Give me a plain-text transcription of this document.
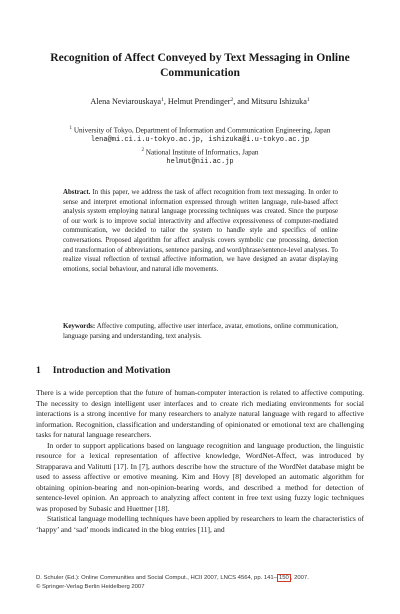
Recognition of Affect Conveyed by Text Messaging in Online Communication
Alena Neviarouskaya$^1$, Helmut Prendinger$^2$, and Mitsuru Ishizuka$^1$
$^1$ University of Tokyo, Department of Information and Communication Engineering, Japan
lena@mi.ci.i.u-tokyo.ac.jp, ishizuka@i.u-tokyo.ac.jp
$^2$ National Institute of Informatics, Japan
helmut@nii.ac.jp
Abstract. In this paper, we address the task of affect recognition from text messaging. In order to sense and interpret emotional information expressed through written language, rule-based affect analysis system employing natural language processing techniques was created. Since the purpose of our work is to improve social interactivity and affective expressiveness of computer-mediated communication, we decided to tailor the system to handle style and specifics of online conversations. Proposed algorithm for affect analysis covers symbolic cue processing, detection and transformation of abbreviations, sentence parsing, and word/phrase/sentence-level analyses. To realize visual reflection of textual affective information, we have designed an avatar displaying emotions, social behaviour, and natural idle movements.
Keywords: Affective computing, affective user interface, avatar, emotions, online communication, language parsing and understanding, text analysis.
1 Introduction and Motivation

There is a wide perception that the future of human-computer interaction is related to affective computing. The necessity to design intelligent user interfaces and to create rich mediating environments for social interactions is a strong incentive for many researchers to analyze natural language with regard to affective information. Recognition, classification and understanding of opinionated or emotional text are challenging tasks for natural language researchers.

In order to support applications based on language recognition and language production, the linguistic resource for a lexical representation of affective knowledge, WordNet-Affect, was introduced by Strapparava and Valitutti [17]. In [7], authors describe how the structure of the WordNet database might be used to assess affective or emotive meaning. Kim and Hovy [8] developed an automatic algorithm for obtaining opinion-bearing and non-opinion-bearing words, and described a method for detection of sentence-level opinion. An approach to analyzing affect content in free text using fuzzy logic techniques was proposed by Subasic and Huettner [18].

Statistical language modelling techniques have been applied by researchers to learn the characteristics of ‘happy’ and ‘sad’ moods indicated in the blog entries [11], and

D. Schuler (Ed.): Online Communities and Social Comput., HCII 2007, LNCS 4564, pp. 141– 150 , 2007.
© Springer-Verlag Berlin Heidelberg 2007
